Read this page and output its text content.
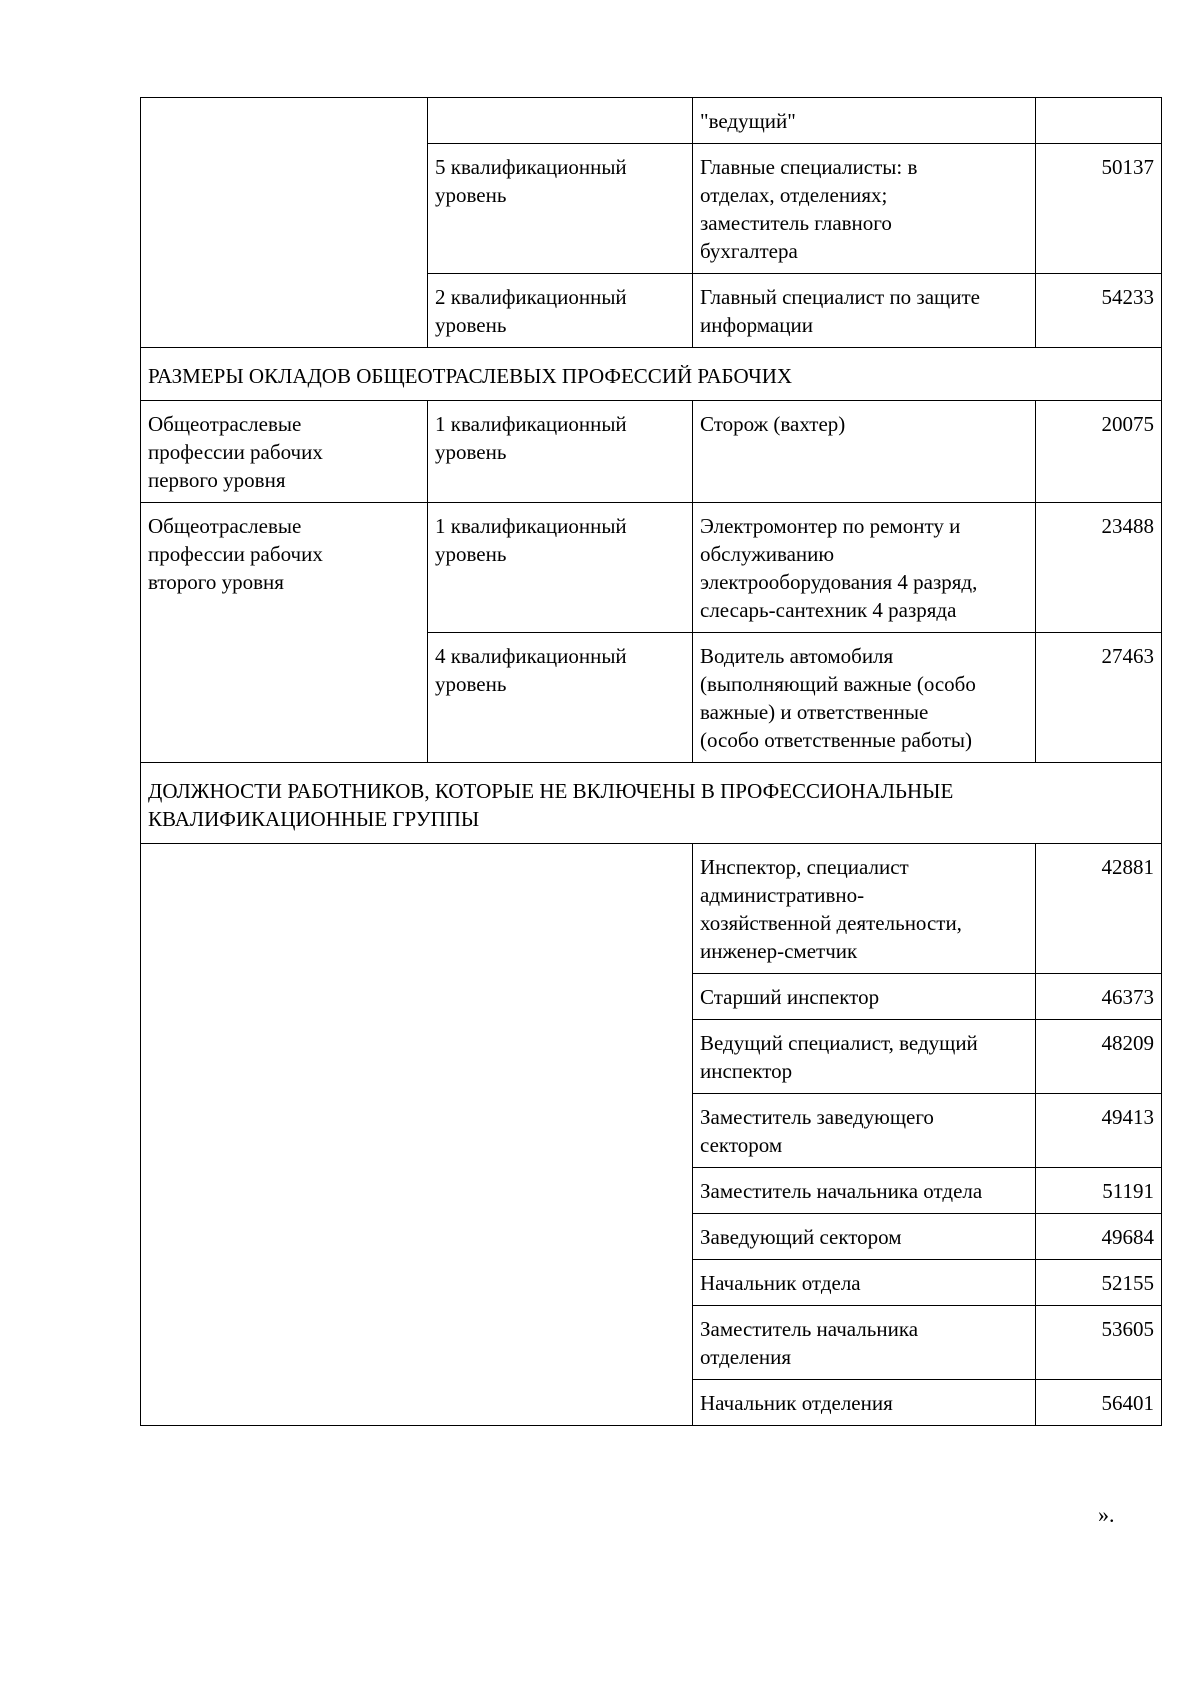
		"ведущий"	
	5 квалификационный
уровень	Главные специалисты: в
отделах, отделениях;
заместитель главного
бухгалтера	50137
	2 квалификационный
уровень	Главный специалист по защите
информации	54233
РАЗМЕРЫ ОКЛАДОВ ОБЩЕОТРАСЛЕВЫХ ПРОФЕССИЙ РАБОЧИХ			
Общеотраслевые
профессии рабочих
первого уровня	1 квалификационный
уровень	Сторож (вахтер)	20075
Общеотраслевые
профессии рабочих
второго уровня	1 квалификационный
уровень	Электромонтер по ремонту и
обслуживанию
электрооборудования 4 разряд,
слесарь-сантехник 4 разряда	23488
	4 квалификационный
уровень	Водитель автомобиля
(выполняющий важные (особо
важные) и ответственные
(особо ответственные работы)	27463
ДОЛЖНОСТИ РАБОТНИКОВ, КОТОРЫЕ НЕ ВКЛЮЧЕНЫ В ПРОФЕССИОНАЛЬНЫЕ
КВАЛИФИКАЦИОННЫЕ ГРУППЫ			
		Инспектор, специалист
административно-
хозяйственной деятельности,
инженер-сметчик	42881
		Старший инспектор	46373
		Ведущий специалист, ведущий
инспектор	48209
		Заместитель заведующего
сектором	49413
		Заместитель начальника отдела	51191
		Заведующий сектором	49684
		Начальник отдела	52155
		Заместитель начальника
отделения	53605
		Начальник отделения	56401
».
